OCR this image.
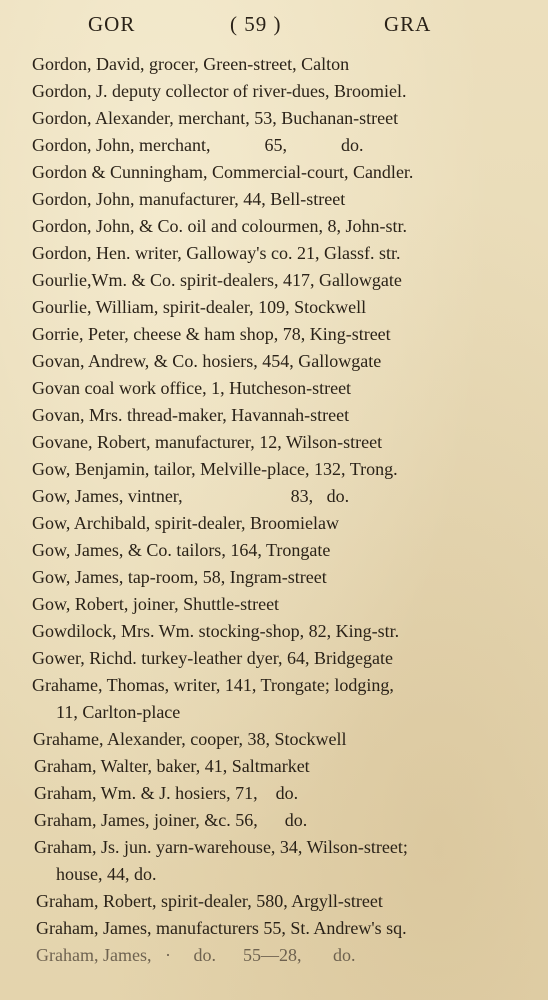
GOR	( 59 )	GRA
Gordon, David, grocer, Green-street, Calton
Gordon, J. deputy collector of river-dues, Broomiel.
Gordon, Alexander, merchant, 53, Buchanan-street
Gordon, John, merchant,            65,            do.
Gordon & Cunningham, Commercial-court, Candler.
Gordon, John, manufacturer, 44, Bell-street
Gordon, John, & Co. oil and colourmen, 8, John-str.
Gordon, Hen. writer, Galloway's co. 21, Glassf. str.
Gourlie,Wm. & Co. spirit-dealers, 417, Gallowgate
Gourlie, William, spirit-dealer, 109, Stockwell
Gorrie, Peter, cheese & ham shop, 78, King-street
Govan, Andrew, & Co. hosiers, 454, Gallowgate
Govan coal work office, 1, Hutcheson-street
Govan, Mrs. thread-maker, Havannah-street
Govane, Robert, manufacturer, 12, Wilson-street
Gow, Benjamin, tailor, Melville-place, 132, Trong.
Gow, James, vintner,                        83,   do.
Gow, Archibald, spirit-dealer, Broomielaw
Gow, James, & Co. tailors, 164, Trongate
Gow, James, tap-room, 58, Ingram-street
Gow, Robert, joiner, Shuttle-street
Gowdilock, Mrs. Wm. stocking-shop, 82, King-str.
Gower, Richd. turkey-leather dyer, 64, Bridgegate
Grahame, Thomas, writer, 141, Trongate; lodging,
11, Carlton-place
Grahame, Alexander, cooper, 38, Stockwell
Graham, Walter, baker, 41, Saltmarket
Graham, Wm. & J. hosiers, 71,    do.
Graham, James, joiner, &c. 56,      do.
Graham, Js. jun. yarn-warehouse, 34, Wilson-street;
house, 44, do.
Graham, Robert, spirit-dealer, 580, Argyll-street
Graham, James, manufacturers 55, St. Andrew's sq.
Graham, James,   ·     do.      55—28,       do.
